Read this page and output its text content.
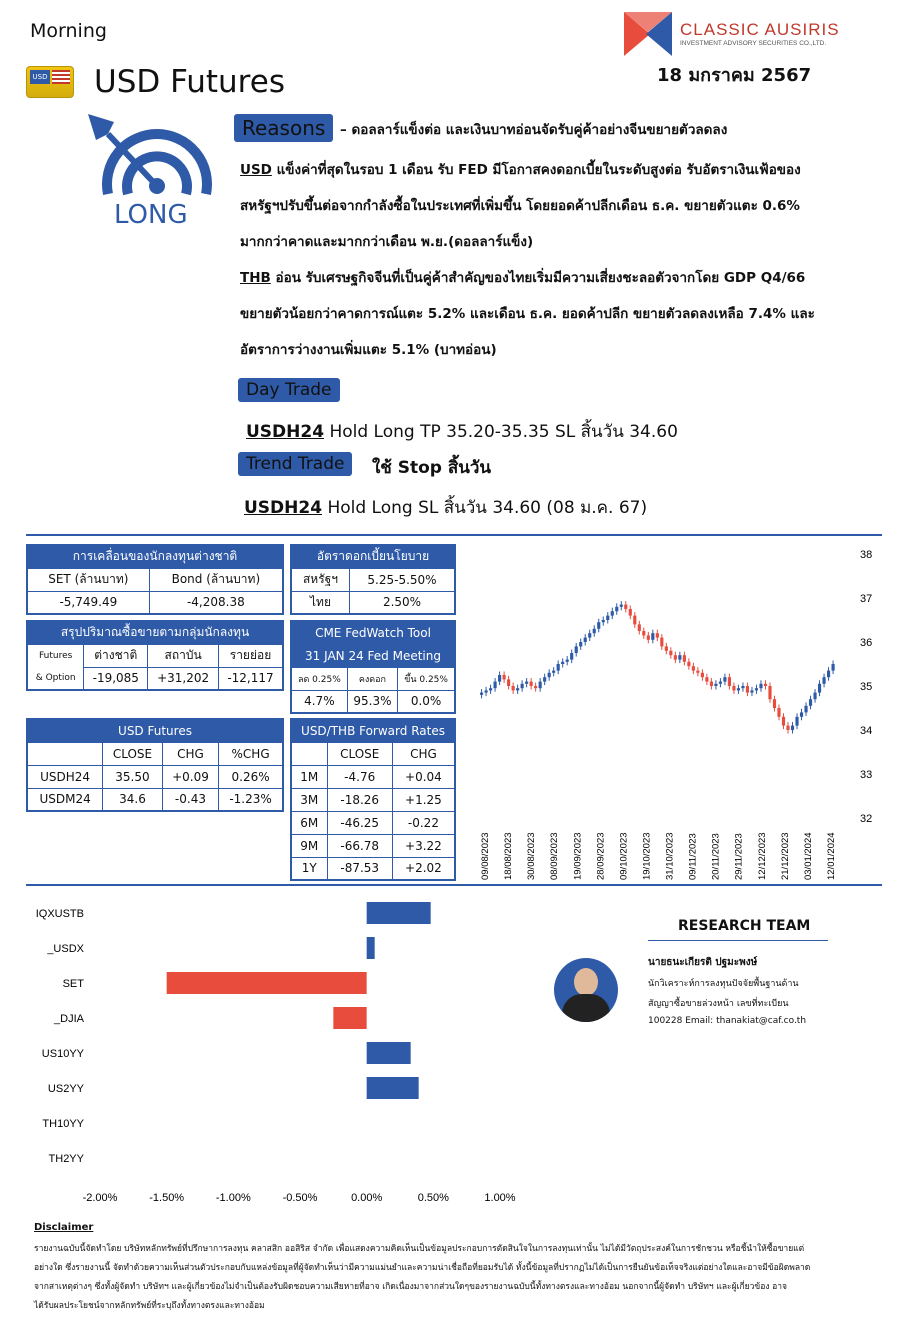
Morning
USD USD Futures
CLASSIC AUSIRIS
INVESTMENT ADVISORY SECURITIES CO.,LTD.
18 มกราคม 2567
LONG
Reasons	– ดอลลาร์แข็งต่อ และเงินบาทอ่อนจัดรับคู่ค้าอย่างจีนขยายตัวลดลง
USD แข็งค่าที่สุดในรอบ 1 เดือน รับ FED มีโอกาสคงดอกเบี้ยในระดับสูงต่อ รับอัตราเงินเฟ้อของ
สหรัฐฯปรับขึ้นต่อจากกำลังซื้อในประเทศที่เพิ่มขึ้น โดยยอดค้าปลีกเดือน ธ.ค. ขยายตัวแตะ 0.6%
มากกว่าคาดและมากกว่าเดือน พ.ย.(ดอลลาร์แข็ง)
THB อ่อน รับเศรษฐกิจจีนที่เป็นคู่ค้าสำคัญของไทยเริ่มมีความเสี่ยงชะลอตัวจากโดย GDP Q4/66
ขยายตัวน้อยกว่าคาดการณ์แตะ 5.2% และเดือน ธ.ค. ยอดค้าปลีก ขยายตัวลดลงเหลือ 7.4% และ
อัตราการว่างงานเพิ่มแตะ 5.1% (บาทอ่อน)
Day Trade
USDH24 Hold Long TP 35.20-35.35 SL สิ้นวัน 34.60
Trend Trade	ใช้ Stop สิ้นวัน
USDH24 Hold Long SL สิ้นวัน 34.60 (08 ม.ค. 67)
การเคลื่อนของนักลงทุนต่างชาติ	
SET (ล้านบาท)	Bond (ล้านบาท)
-5,749.49	-4,208.38
อัตราดอกเบี้ยนโยบาย	
สหรัฐฯ	5.25-5.50%
ไทย	2.50%
สรุปปริมาณซื้อขายตามกลุ่มนักลงทุน			
Futures	ต่างชาติ	สถาบัน	รายย่อย
& Option	-19,085	+31,202	-12,117
CME FedWatch Tool		
31 JAN 24 Fed Meeting		
ลด 0.25%	คงดอก	ขึ้น 0.25%
4.7%	95.3%	0.0%
USD Futures			
	CLOSE	CHG	%CHG
USDH24	35.50	+0.09	0.26%
USDM24	34.6	-0.43	-1.23%
USD/THB Forward Rates		
	CLOSE	CHG
1M	-4.76	+0.04
3M	-18.26	+1.25
6M	-46.25	-0.22
9M	-66.78	+3.22
1Y	-87.53	+2.02
38
37
36
35
34
33
32
09/08/2023 18/08/2023 30/08/2023 08/09/2023 19/09/2023 28/09/2023 09/10/2023 19/10/2023 31/10/2023 09/11/2023 20/11/2023 29/11/2023 12/12/2023 21/12/2023 03/01/2024 12/01/2024
IQXUSTB
_USDX
SET
_DJIA
US10YY
US2YY
TH10YY
TH2YY
-2.00%	-1.50%	-1.00%	-0.50%	0.00%	0.50%	1.00%
RESEARCH TEAM
นายธนะเกียรติ ปฐมะพงษ์
นักวิเคราะห์การลงทุนปัจจัยพื้นฐานด้าน
สัญญาซื้อขายล่วงหน้า เลขที่ทะเบียน
100228 Email: thanakiat@caf.co.th
Disclaimer
รายงานฉบับนี้จัดทำโดย บริษัทหลักทรัพย์ที่ปรึกษาการลงทุน คลาสสิก ออสิริส จำกัด เพื่อแสดงความคิดเห็นเป็นข้อมูลประกอบการตัดสินใจในการลงทุนเท่านั้น ไม่ได้มีวัตถุประสงค์ในการชักชวน หรือชี้นำให้ซื้อขายแต่
อย่างใด ซึ่งรายงานนี้ จัดทำด้วยความเห็นส่วนตัวประกอบกับแหล่งข้อมูลที่ผู้จัดทำเห็นว่ามีความแม่นยำและความน่าเชื่อถือที่ยอมรับได้ ทั้งนี้ข้อมูลที่ปรากฏไม่ได้เป็นการยืนยันข้อเท็จจริงแต่อย่างใดและอาจมีข้อผิดพลาด
จากสาเหตุต่างๆ ซึ่งทั้งผู้จัดทำ บริษัทฯ และผู้เกี่ยวข้องไม่จำเป็นต้องรับผิดชอบความเสียหายที่อาจ เกิดเนื่องมาจากส่วนใดๆของรายงานฉบับนี้ทั้งทางตรงและทางอ้อม นอกจากนี้ผู้จัดทำ บริษัทฯ และผู้เกี่ยวข้อง อาจ
ได้รับผลประโยชน์จากหลักทรัพย์ที่ระบุถึงทั้งทางตรงและทางอ้อม
